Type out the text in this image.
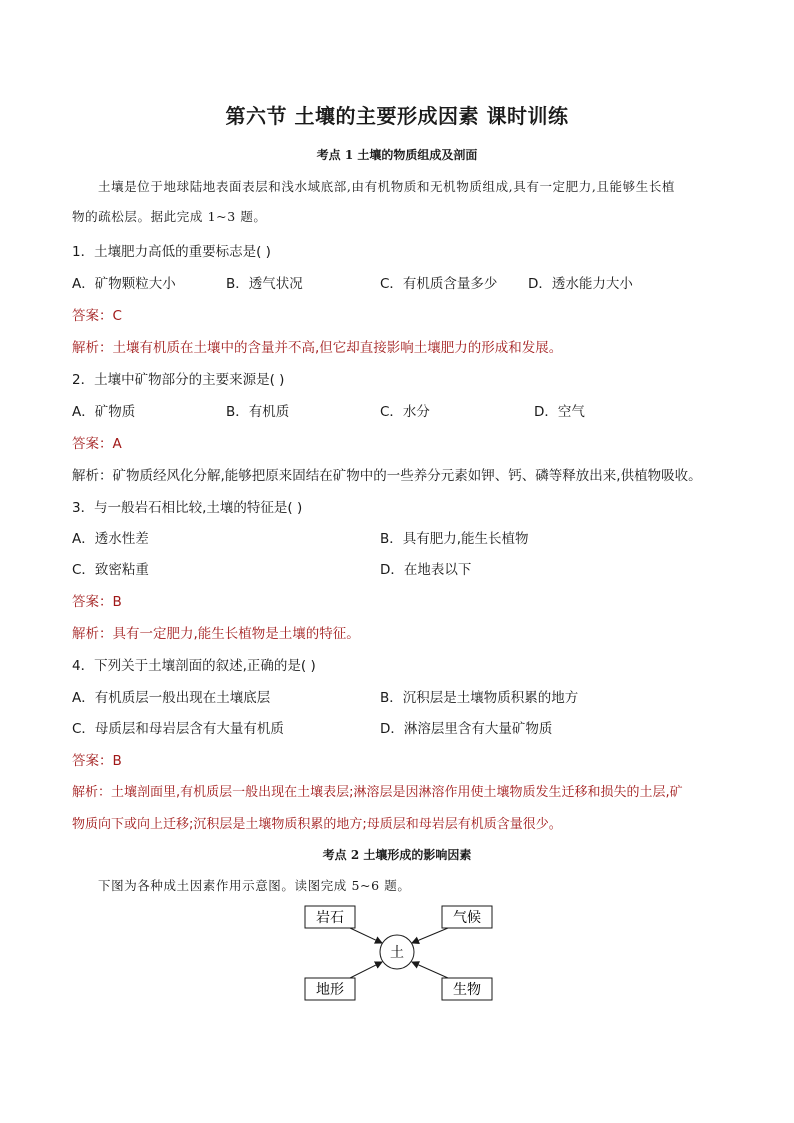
第六节 土壤的主要形成因素 课时训练
考点 1 土壤的物质组成及剖面
土壤是位于地球陆地表面表层和浅水域底部,由有机物质和无机物质组成,具有一定肥力,且能够生长植
物的疏松层。据此完成 1~3 题。
1．土壤肥力高低的重要标志是( )
A．矿物颗粒大小	B．透气状况	C．有机质含量多少 D．透水能力大小
答案：C
解析：土壤有机质在土壤中的含量并不高,但它却直接影响土壤肥力的形成和发展。
2．土壤中矿物部分的主要来源是( )
A．矿物质	B．有机质	C．水分	D．空气
答案：A
解析：矿物质经风化分解,能够把原来固结在矿物中的一些养分元素如钾、钙、磷等释放出来,供植物吸收。
3．与一般岩石相比较,土壤的特征是( )
A．透水性差	B．具有肥力,能生长植物
C．致密粘重	D．在地表以下
答案：B
解析：具有一定肥力,能生长植物是土壤的特征。
4．下列关于土壤剖面的叙述,正确的是( )
A．有机质层一般出现在土壤底层	B．沉积层是土壤物质积累的地方
C．母质层和母岩层含有大量有机质	D．淋溶层里含有大量矿物质
答案：B
解析：土壤剖面里,有机质层一般出现在土壤表层;淋溶层是因淋溶作用使土壤物质发生迁移和损失的土层,矿
物质向下或向上迁移;沉积层是土壤物质积累的地方;母质层和母岩层有机质含量很少。
考点 2 土壤形成的影响因素
下图为各种成土因素作用示意图。读图完成 5~6 题。
岩石	气候
地形	生物
土
